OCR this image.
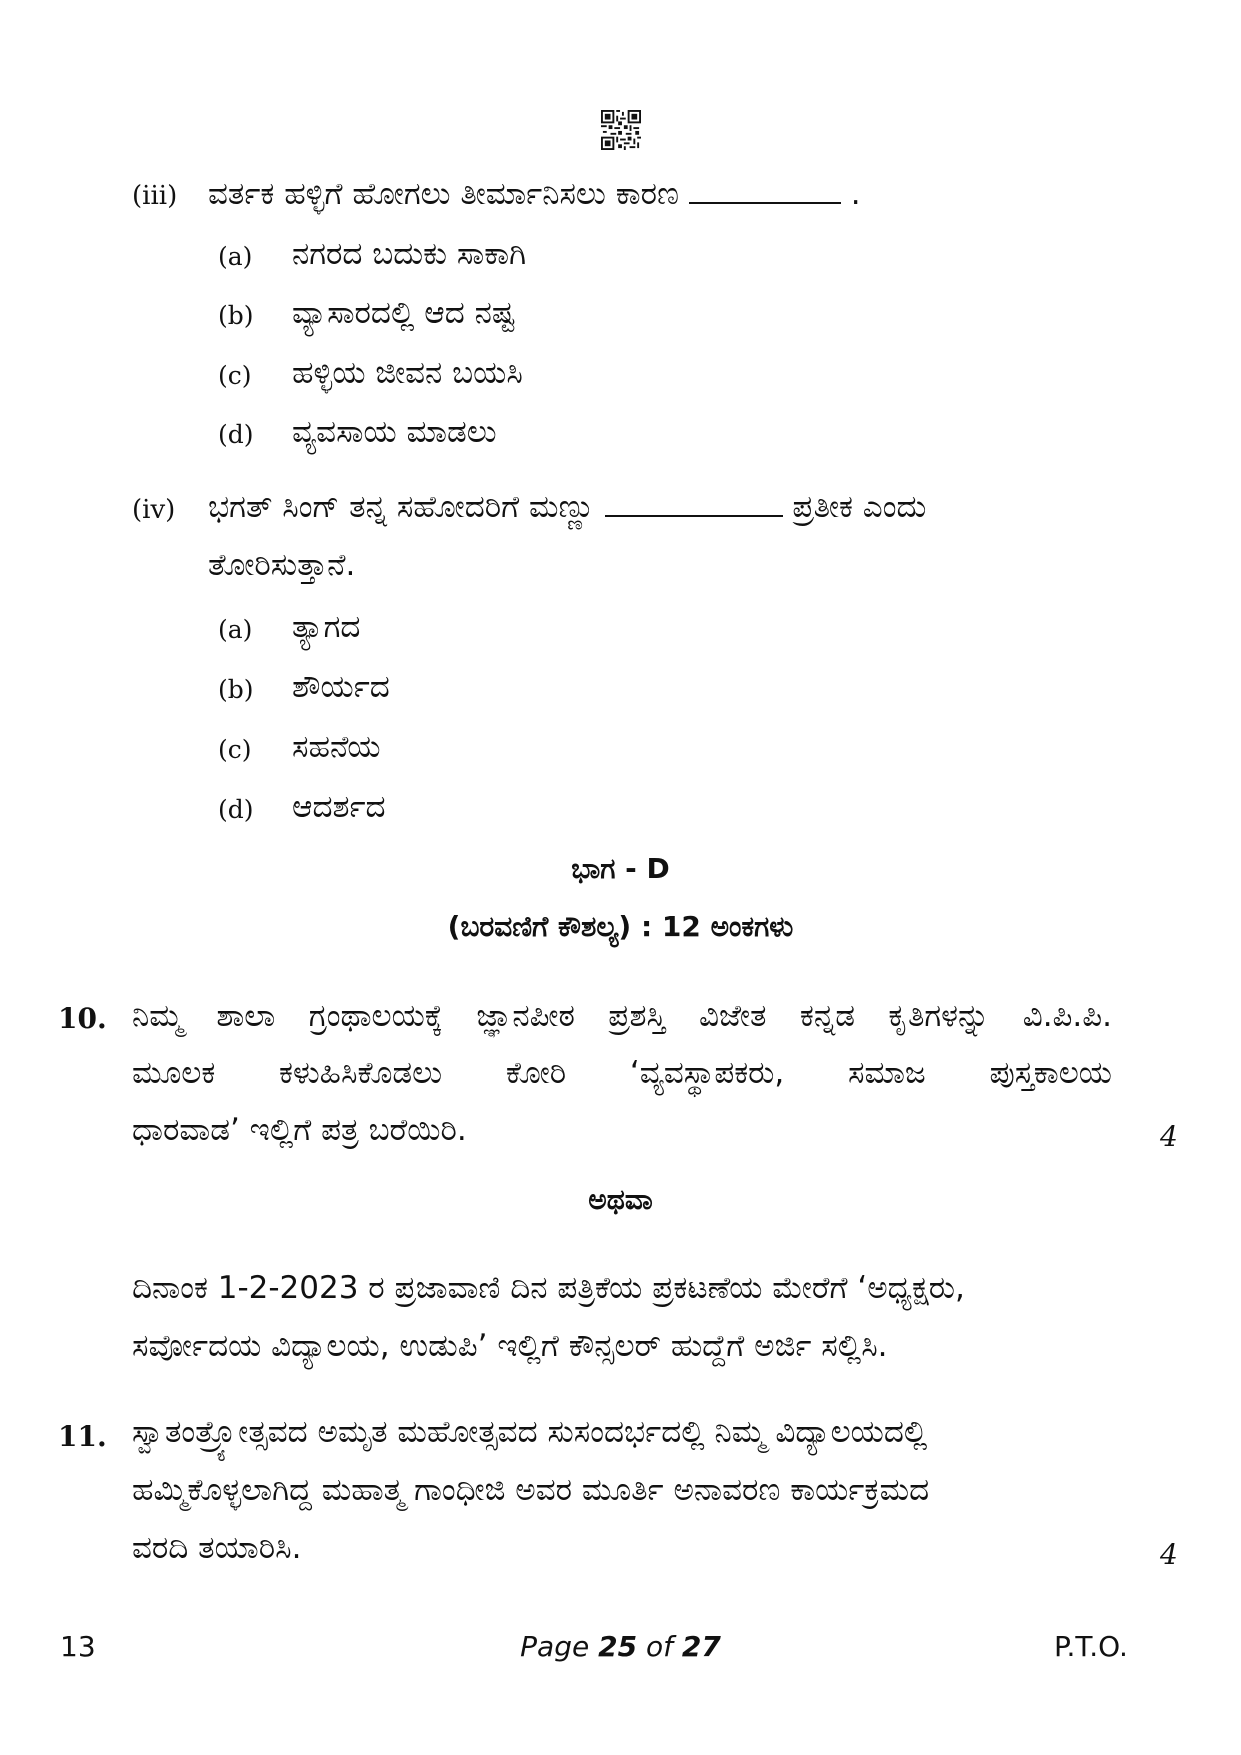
(iii) ವರ್ತಕ ಹಳ್ಳಿಗೆ ಹೋಗಲು ತೀರ್ಮಾನಿಸಲು ಕಾರಣ	.
(a) ನಗರದ ಬದುಕು ಸಾಕಾಗಿ
(b) ವ್ಯಾಸಾರದಲ್ಲಿ ಆದ ನಷ್ಟ
(c) ಹಳ್ಳಿಯ ಜೀವನ ಬಯಸಿ
(d) ವ್ಯವಸಾಯ ಮಾಡಲು
(iv) ಭಗತ್ ಸಿಂಗ್ ತನ್ನ ಸಹೋದರಿಗೆ ಮಣ್ಣು	ಪ್ರತೀಕ ಎಂದು
ತೋರಿಸುತ್ತಾನೆ.
(a) ತ್ಯಾಗದ
(b) ಶೌರ್ಯದ
(c) ಸಹನೆಯ
(d) ಆದರ್ಶದ
ಭಾಗ - D
(ಬರವಣಿಗೆ ಕೌಶಲ್ಯ) : 12 ಅಂಕಗಳು
10. ನಿಮ್ಮ ಶಾಲಾ ಗ್ರಂಥಾಲಯಕ್ಕೆ ಜ್ಞಾನಪೀಠ ಪ್ರಶಸ್ತಿ ವಿಜೇತ ಕನ್ನಡ ಕೃತಿಗಳನ್ನು ವಿ.ಪಿ.ಪಿ.
ಮೂಲಕ ಕಳುಹಿಸಿಕೊಡಲು ಕೋರಿ ‘ವ್ಯವಸ್ಥಾಪಕರು, ಸಮಾಜ ಪುಸ್ತಕಾಲಯ
ಧಾರವಾಡ’ ಇಲ್ಲಿಗೆ ಪತ್ರ ಬರೆಯಿರಿ.	4
ಅಥವಾ
ದಿನಾಂಕ 1-2-2023 ರ ಪ್ರಜಾವಾಣಿ ದಿನ ಪತ್ರಿಕೆಯ ಪ್ರಕಟಣೆಯ ಮೇರೆಗೆ ‘ಅಧ್ಯಕ್ಷರು,
ಸರ್ವೋದಯ ವಿದ್ಯಾಲಯ, ಉಡುಪಿ’ ಇಲ್ಲಿಗೆ ಕೌನ್ಸಲರ್ ಹುದ್ದೆಗೆ ಅರ್ಜಿ ಸಲ್ಲಿಸಿ.
11. ಸ್ವಾತಂತ್ರ್ಯೋತ್ಸವದ ಅಮೃತ ಮಹೋತ್ಸವದ ಸುಸಂದರ್ಭದಲ್ಲಿ ನಿಮ್ಮ ವಿದ್ಯಾಲಯದಲ್ಲಿ
ಹಮ್ಮಿಕೊಳ್ಳಲಾಗಿದ್ದ ಮಹಾತ್ಮ ಗಾಂಧೀಜಿ ಅವರ ಮೂರ್ತಿ ಅನಾವರಣ ಕಾರ್ಯಕ್ರಮದ
ವರದಿ ತಯಾರಿಸಿ.	4
13	Page 25 of 27	P.T.O.
